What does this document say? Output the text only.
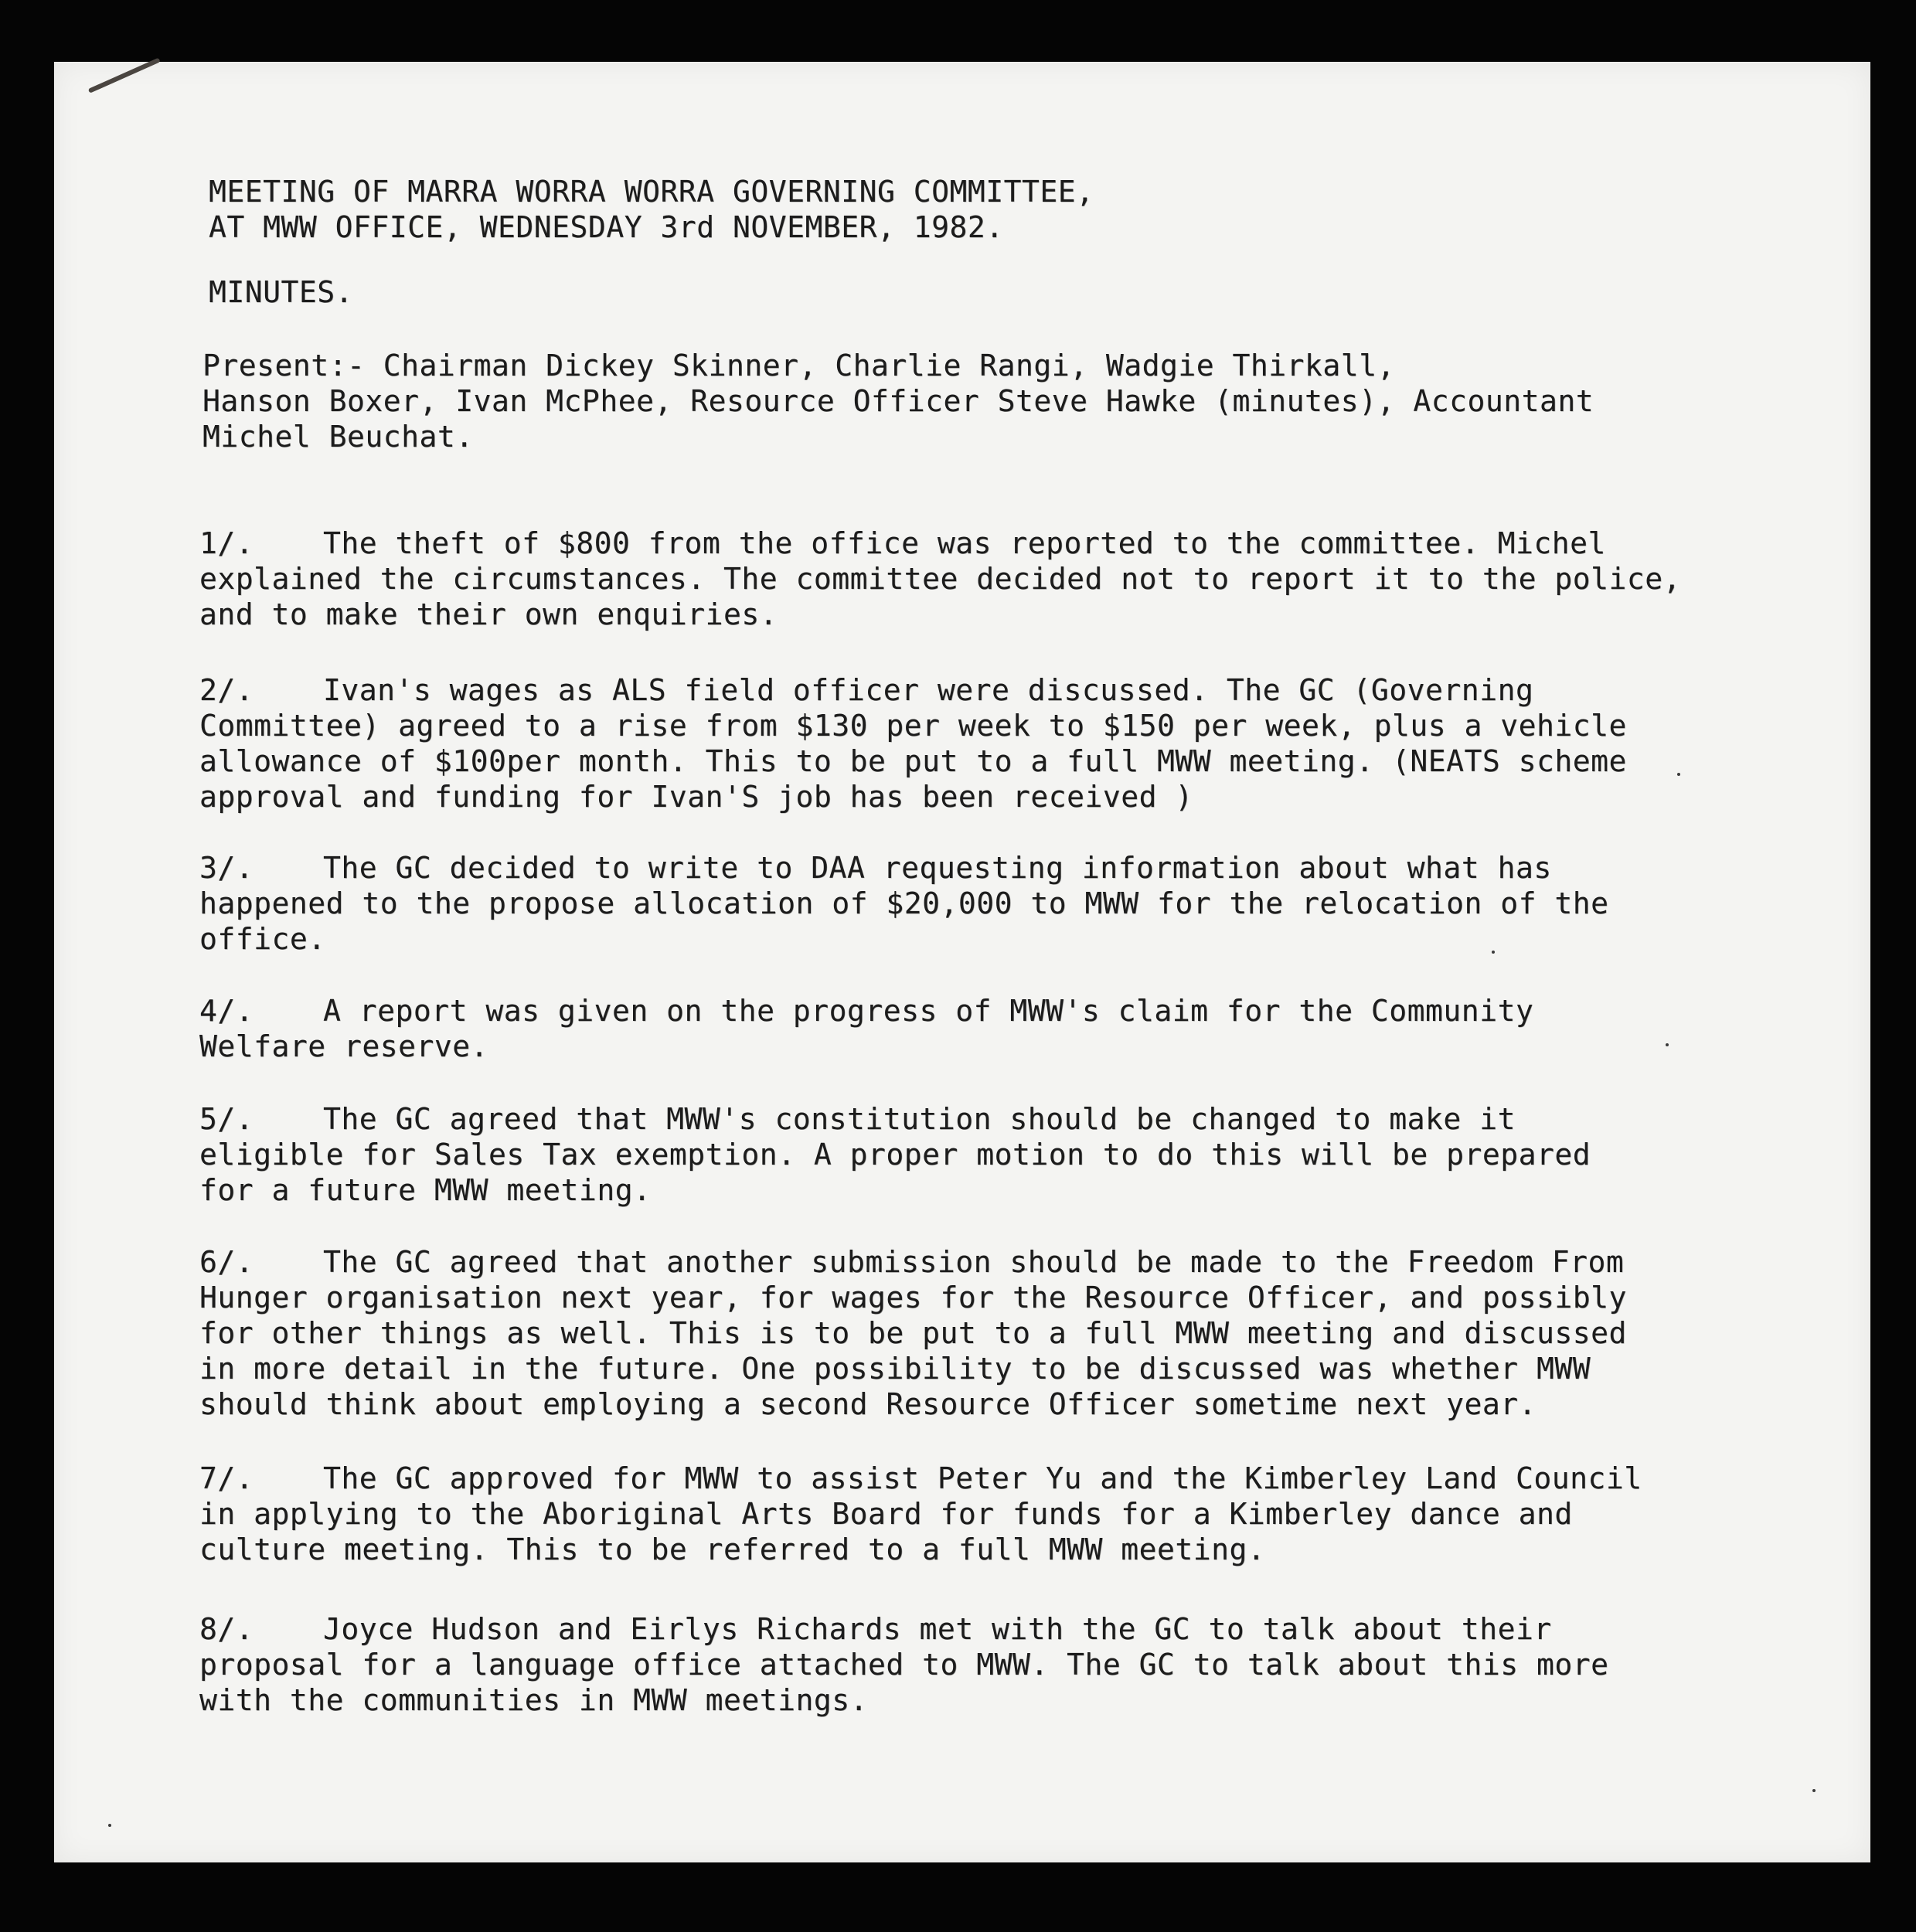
MEETING OF MARRA WORRA WORRA GOVERNING COMMITTEE,
AT MWW OFFICE, WEDNESDAY 3rd NOVEMBER, 1982.
MINUTES.
Present:- Chairman Dickey Skinner, Charlie Rangi, Wadgie Thirkall,
Hanson Boxer, Ivan McPhee, Resource Officer Steve Hawke (minutes), Accountant
Michel Beuchat.
1/. The theft of $800 from the office was reported to the committee. Michel
explained the circumstances. The committee decided not to report it to the police,
and to make their own enquiries.
2/. Ivan's wages as ALS field officer were discussed. The GC (Governing
Committee) agreed to a rise from $130 per week to $150 per week, plus a vehicle
allowance of $100per month. This to be put to a full MWW meeting. (NEATS scheme
approval and funding for Ivan'S job has been received )
3/. The GC decided to write to DAA requesting information about what has
happened to the propose allocation of $20,000 to MWW for the relocation of the
office.
4/. A report was given on the progress of MWW's claim for the Community
Welfare reserve.
5/. The GC agreed that MWW's constitution should be changed to make it
eligible for Sales Tax exemption. A proper motion to do this will be prepared
for a future MWW meeting.
6/. The GC agreed that another submission should be made to the Freedom From
Hunger organisation next year, for wages for the Resource Officer, and possibly
for other things as well. This is to be put to a full MWW meeting and discussed
in more detail in the future. One possibility to be discussed was whether MWW
should think about employing a second Resource Officer sometime next year.
7/. The GC approved for MWW to assist Peter Yu and the Kimberley Land Council
in applying to the Aboriginal Arts Board for funds for a Kimberley dance and
culture meeting. This to be referred to a full MWW meeting.
8/. Joyce Hudson and Eirlys Richards met with the GC to talk about their
proposal for a language office attached to MWW. The GC to talk about this more
with the communities in MWW meetings.
